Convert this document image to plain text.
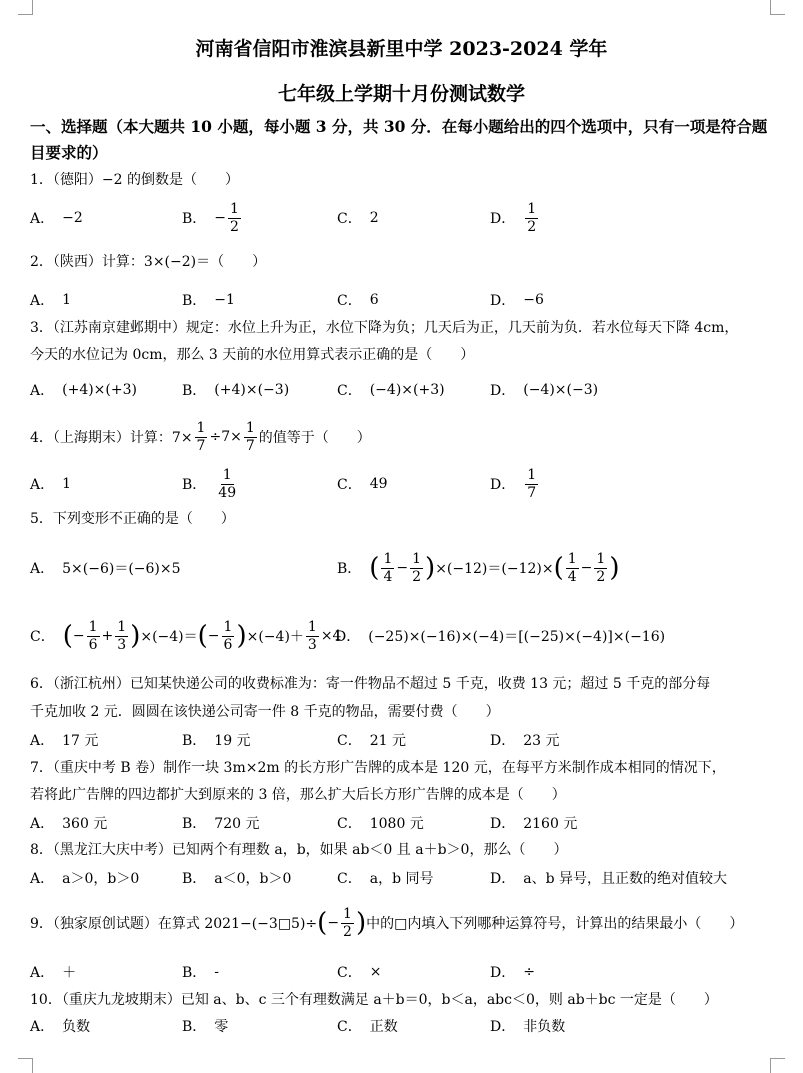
河南省信阳市淮滨县新里中学 2023-2024 学年
七年级上学期十月份测试数学
一、选择题（本大题共 10 小题，每小题 3 分，共 30 分．在每小题给出的四个选项中，只有一项是符合题目要求的）
1．（德阳）−2 的倒数是（　　）
A． −2	B． − $\frac{1}{2}$	C． 2	D． $\frac{1}{2}$
2．（陕西）计算：3×(−2)＝（　　）
A． 1	B． −1	C． 6	D． −6
3．（江苏南京建邺期中）规定：水位上升为正，水位下降为负；几天后为正，几天前为负．若水位每天下降 4cm，
今天的水位记为 0cm，那么 3 天前的水位用算式表示正确的是（　　）
A． (+4)×(+3)	B． (+4)×(−3)	C． (−4)×(+3)	D． (−4)×(−3)
4．（上海期末）计算：$7\times \frac{1}{7} \div 7\times \frac{1}{7}$ 的值等于（　　）
A． 1	B． $\frac{1}{49}$	C． 49	D． $\frac{1}{7}$
5．下列变形不正确的是（　　）
A． 5×(−6)＝(−6)×5	B． ( $\frac{1}{4} - \frac{1}{2}$ ) ×(−12)＝(−12)× ( $\frac{1}{4} - \frac{1}{2}$ )
C． ( − $\frac{1}{6} + \frac{1}{3}$ ) ×(−4)＝ ( − $\frac{1}{6}$ ) $\times(-4)+ \frac{1}{3} \times 4$
D． (−25)×(−16)×(−4)＝[(−25)×(−4)]×(−16)
6．（浙江杭州）已知某快递公司的收费标准为：寄一件物品不超过 5 千克，收费 13 元；超过 5 千克的部分每
千克加收 2 元．圆圆在该快递公司寄一件 8 千克的物品，需要付费（　　）
A． 17 元	B． 19 元	C． 21 元	D． 23 元
7．（重庆中考 B 卷）制作一块 3m×2m 的长方形广告牌的成本是 120 元，在每平方米制作成本相同的情况下，
若将此广告牌的四边都扩大到原来的 3 倍，那么扩大后长方形广告牌的成本是（　　）
A． 360 元	B． 720 元	C． 1080 元	D． 2160 元
8．（黑龙江大庆中考）已知两个有理数 a，b，如果 ab＜0 且 a＋b＞0，那么（　　）
A． a＞0，b＞0	B． a＜0，b＞0	C． a，b 同号	D． a、b 异号，且正数的绝对值较大
9．（独家原创试题）在算式 2021−(−3□5)÷ ( − $\frac{1}{2}$ ) 中的□内填入下列哪种运算符号，计算出的结果最小（　　）
A． ＋	B． -	C． ×	D． ÷
10．（重庆九龙坡期末）已知 a、b、c 三个有理数满足 a＋b＝0，b＜a，abc＜0，则 ab＋bc 一定是（　　）
A． 负数	B． 零	C． 正数	D． 非负数
